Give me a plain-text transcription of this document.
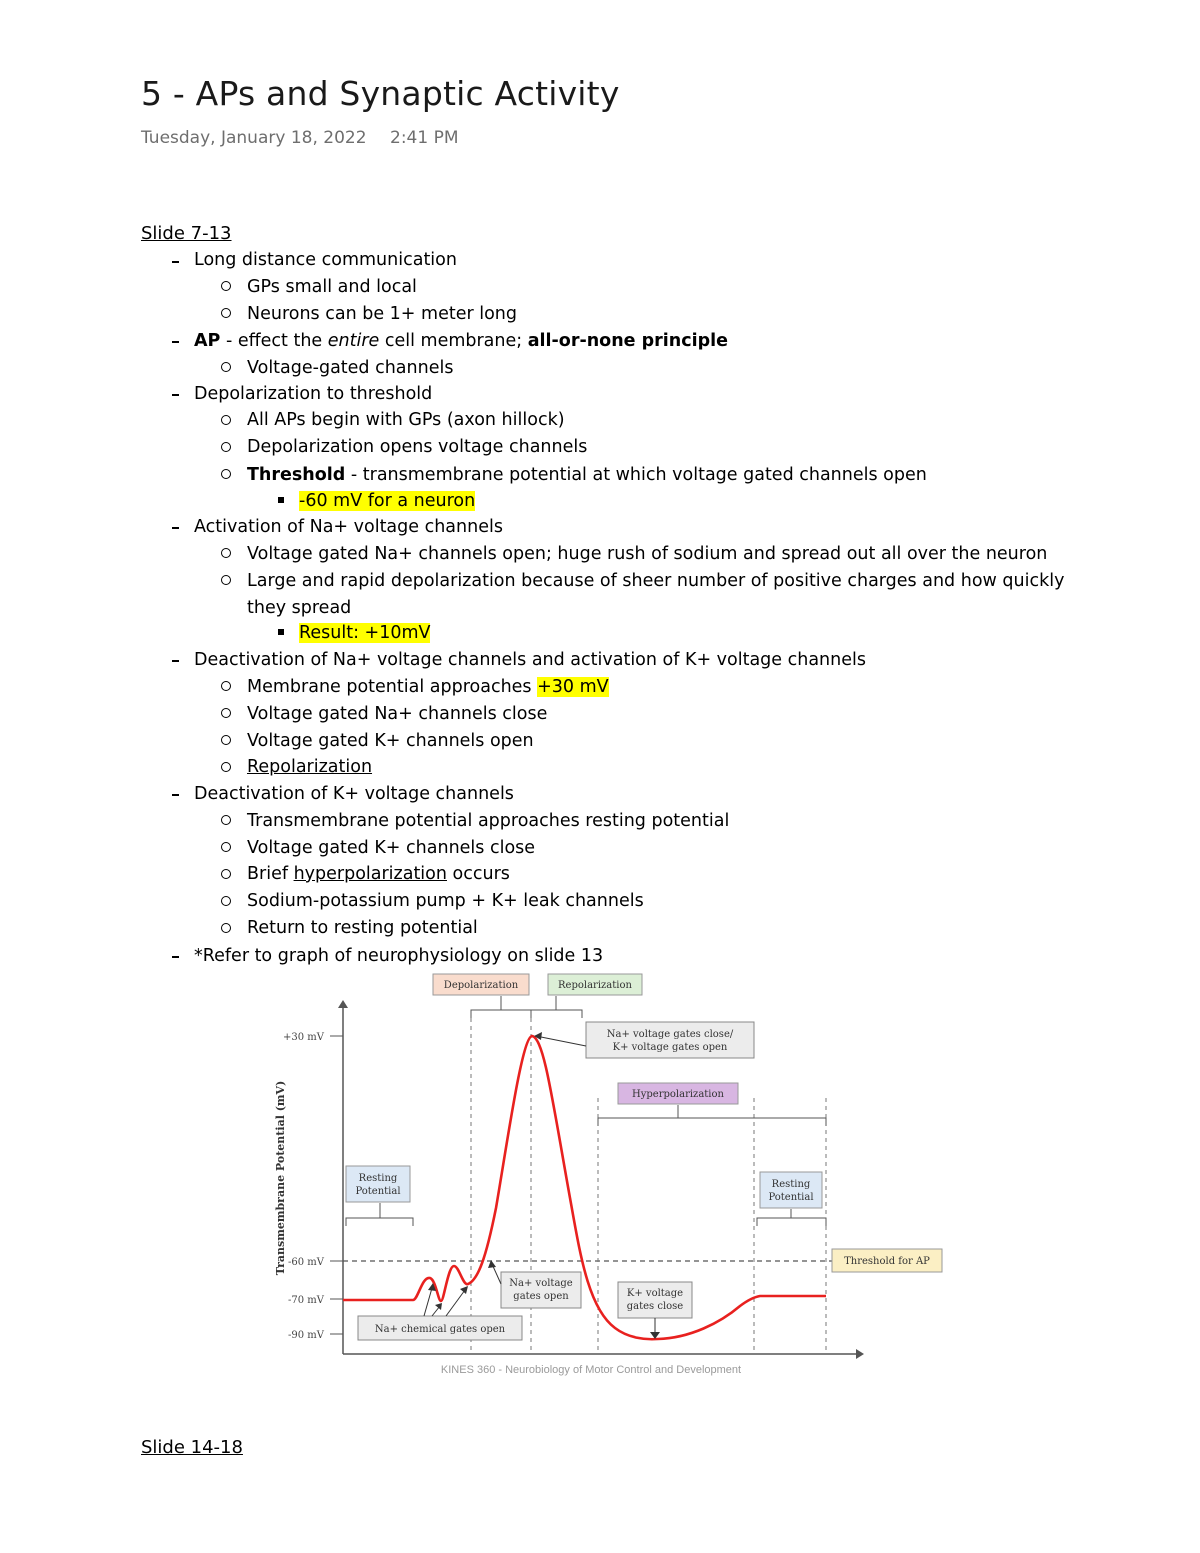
5 - APs and Synaptic Activity
Tuesday, January 18, 2022 2:41 PM
Slide 7-13
Long distance communication
GPs small and local
Neurons can be 1+ meter long
AP - effect the entire cell membrane; all-or-none principle
Voltage-gated channels
Depolarization to threshold
All APs begin with GPs (axon hillock)
Depolarization opens voltage channels
Threshold - transmembrane potential at which voltage gated channels open
-60 mV for a neuron
Activation of Na+ voltage channels
Voltage gated Na+ channels open; huge rush of sodium and spread out all over the neuron
Large and rapid depolarization because of sheer number of positive charges and how quickly
they spread
Result: +10mV
Deactivation of Na+ voltage channels and activation of K+ voltage channels
Membrane potential approaches +30 mV
Voltage gated Na+ channels close
Voltage gated K+ channels open
Repolarization
Deactivation of K+ voltage channels
Transmembrane potential approaches resting potential
Voltage gated K+ channels close
Brief hyperpolarization occurs
Sodium-potassium pump + K+ leak channels
Return to resting potential
*Refer to graph of neurophysiology on slide 13
Transmembrane Potential (mV)
+30 mV
-60 mV
-70 mV
-90 mV
Depolarization	Repolarization
Na+ voltage gates close/
K+ voltage gates open
Hyperpolarization
Resting
Potential
Resting
Potential
Threshold for AP
Na+ voltage
gates open	K+ voltage
gates close
Na+ chemical gates open
KINES 360 - Neurobiology of Motor Control and Development
Slide 14-18
